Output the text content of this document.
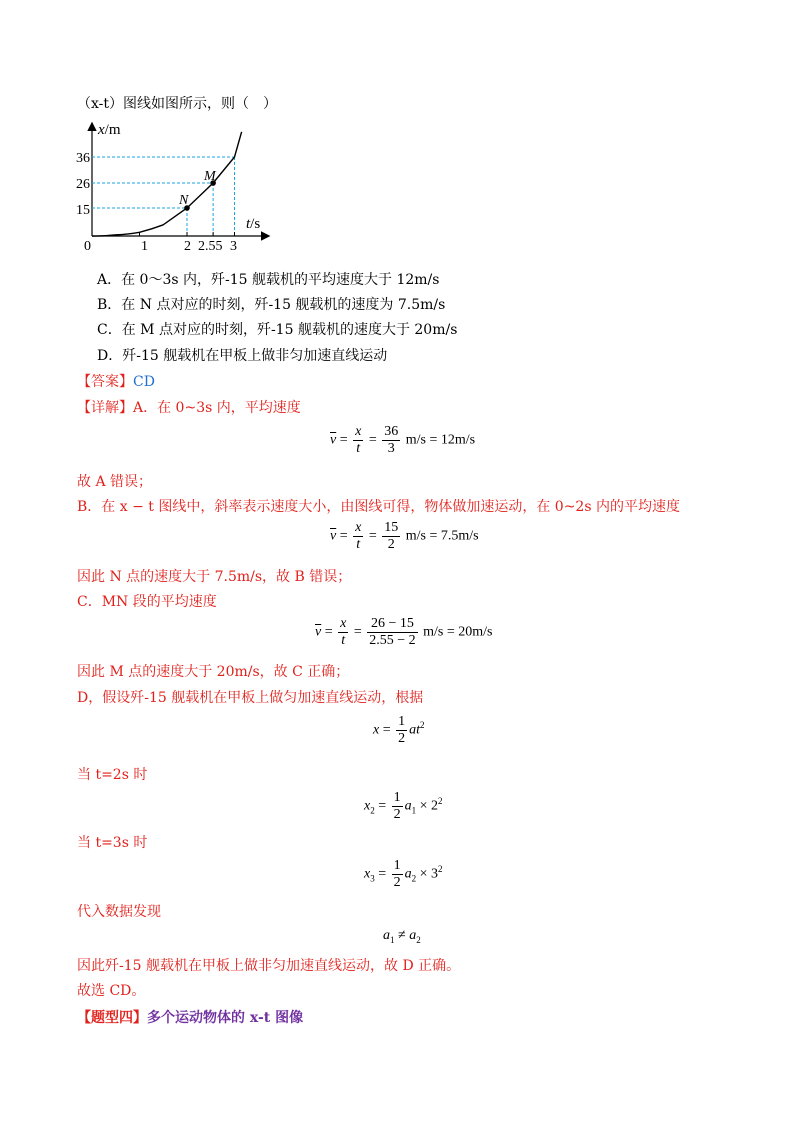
（x-t）图线如图所示，则（　）
x/m
t/s
0
36
26
15
1	2 2.55 3
N
M
A．在 0～3s 内，歼-15 舰载机的平均速度大于 12m/s
B．在 N 点对应的时刻，歼-15 舰载机的速度为 7.5m/s
C．在 M 点对应的时刻，歼-15 舰载机的速度大于 20m/s
D．歼-15 舰载机在甲板上做非匀加速直线运动
【答案】CD
【详解】A．在 0~3s 内，平均速度
$\overline{v} = \frac{x}{t} = \frac{36}{3} m/s = 12m/s$
故 A 错误；
B．在 x − t 图线中，斜率表示速度大小，由图线可得，物体做加速运动，在 0~2s 内的平均速度
$\overline{v} = \frac{x}{t} = \frac{15}{2} m/s = 7.5m/s$
因此 N 点的速度大于 7.5m/s，故 B 错误；
C．MN 段的平均速度
$\overline{v} = \frac{x}{t} = \frac{26 - 15}{2.55 - 2} m/s = 20m/s$
因此 M 点的速度大于 20m/s，故 C 正确；
D，假设歼-15 舰载机在甲板上做匀加速直线运动，根据
$x = \frac{1}{2} at^2$
当 t=2s 时
$x_2 = \frac{1}{2} a_1 \times 2^2$
当 t=3s 时
$x_3 = \frac{1}{2} a_2 \times 3^2$
代入数据发现
$a_1 \ne a_2$
因此歼-15 舰载机在甲板上做非匀加速直线运动，故 D 正确。
故选 CD。
【题型四】多个运动物体的 x-t 图像
